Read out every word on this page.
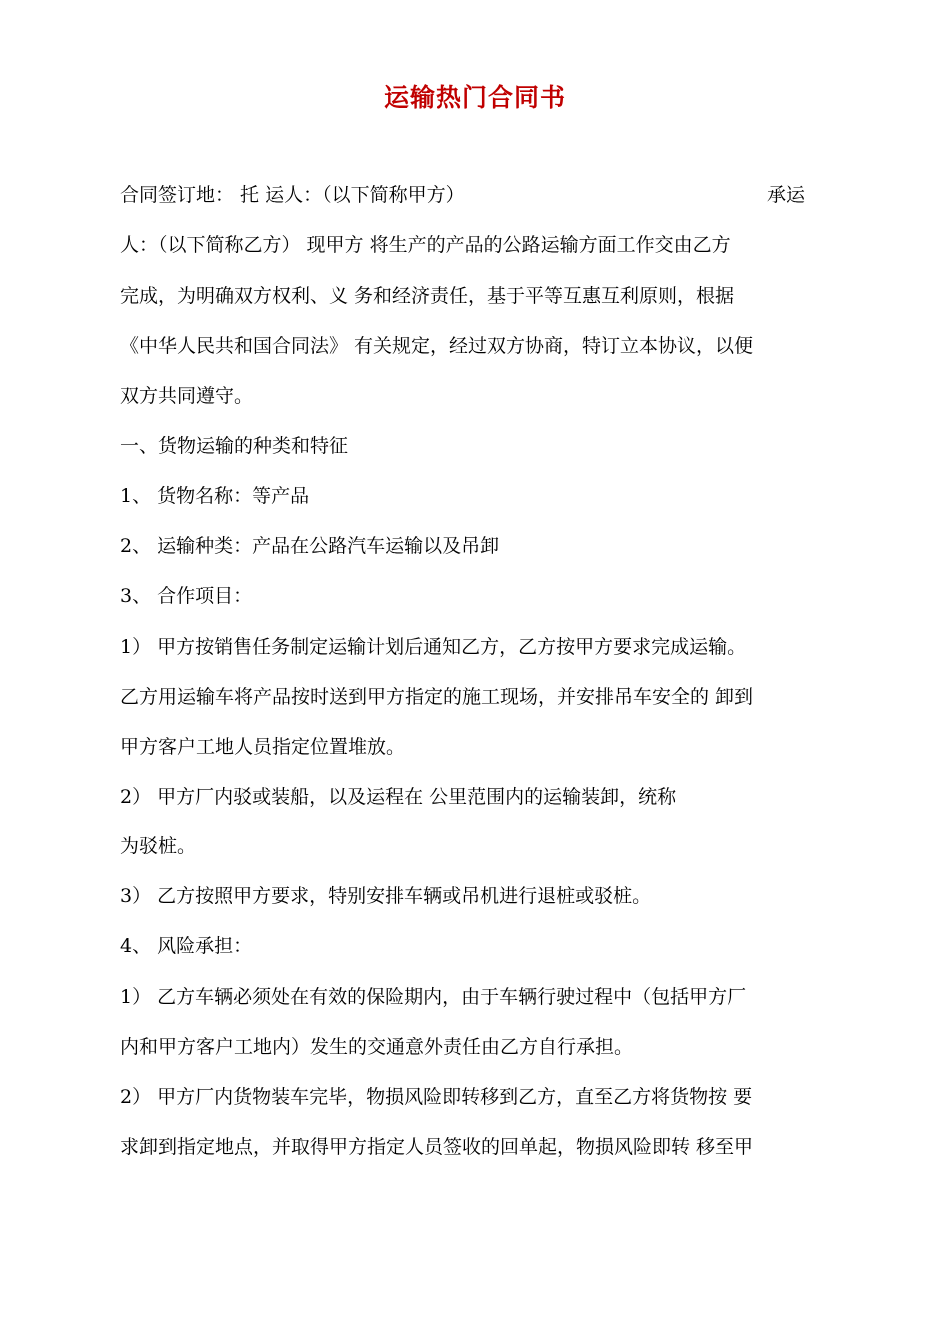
运输热门合同书
合同签订地： 托 运人：（以下简称甲方）	承运
人：（以下简称乙方） 现甲方 将生产的产品的公路运输方面工作交由乙方
完成，为明确双方权利、义 务和经济责任，基于平等互惠互利原则，根据
《中华人民共和国合同法》 有关规定，经过双方协商，特订立本协议，以便
双方共同遵守。
一、货物运输的种类和特征
1、 货物名称：等产品
2、 运输种类：产品在公路汽车运输以及吊卸
3、 合作项目：
1） 甲方按销售任务制定运输计划后通知乙方，乙方按甲方要求完成运输。
乙方用运输车将产品按时送到甲方指定的施工现场，并安排吊车安全的 卸到
甲方客户工地人员指定位置堆放。
2） 甲方厂内驳或装船，以及运程在 公里范围内的运输装卸，统称
为驳桩。
3） 乙方按照甲方要求，特别安排车辆或吊机进行退桩或驳桩。
4、 风险承担：
1） 乙方车辆必须处在有效的保险期内，由于车辆行驶过程中（包括甲方厂
内和甲方客户工地内）发生的交通意外责任由乙方自行承担。
2） 甲方厂内货物装车完毕，物损风险即转移到乙方，直至乙方将货物按 要
求卸到指定地点，并取得甲方指定人员签收的回单起，物损风险即转 移至甲
